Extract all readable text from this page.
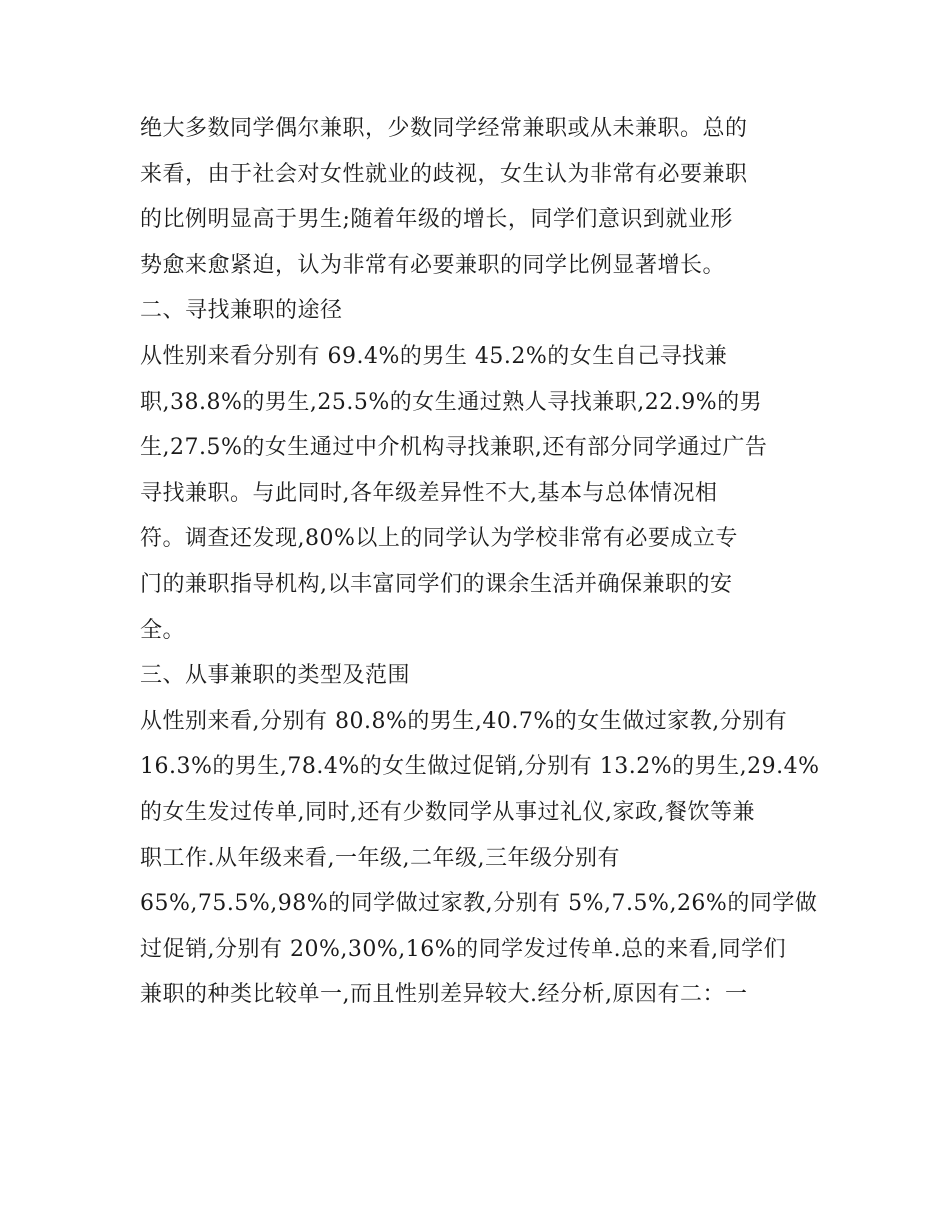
绝大多数同学偶尔兼职，少数同学经常兼职或从未兼职。总的
来看，由于社会对女性就业的歧视，女生认为非常有必要兼职
的比例明显高于男生;随着年级的增长，同学们意识到就业形
势愈来愈紧迫，认为非常有必要兼职的同学比例显著增长。
二、寻找兼职的途径
从性别来看分别有 69.4%的男生 45.2%的女生自己寻找兼
职,38.8%的男生,25.5%的女生通过熟人寻找兼职,22.9%的男
生,27.5%的女生通过中介机构寻找兼职,还有部分同学通过广告
寻找兼职。与此同时,各年级差异性不大,基本与总体情况相
符。调查还发现,80%以上的同学认为学校非常有必要成立专
门的兼职指导机构,以丰富同学们的课余生活并确保兼职的安
全。
三、从事兼职的类型及范围
从性别来看,分别有 80.8%的男生,40.7%的女生做过家教,分别有
16.3%的男生,78.4%的女生做过促销,分别有 13.2%的男生,29.4%
的女生发过传单,同时,还有少数同学从事过礼仪,家政,餐饮等兼
职工作.从年级来看,一年级,二年级,三年级分别有
65%,75.5%,98%的同学做过家教,分别有 5%,7.5%,26%的同学做
过促销,分别有 20%,30%,16%的同学发过传单.总的来看,同学们
兼职的种类比较单一,而且性别差异较大.经分析,原因有二：一
